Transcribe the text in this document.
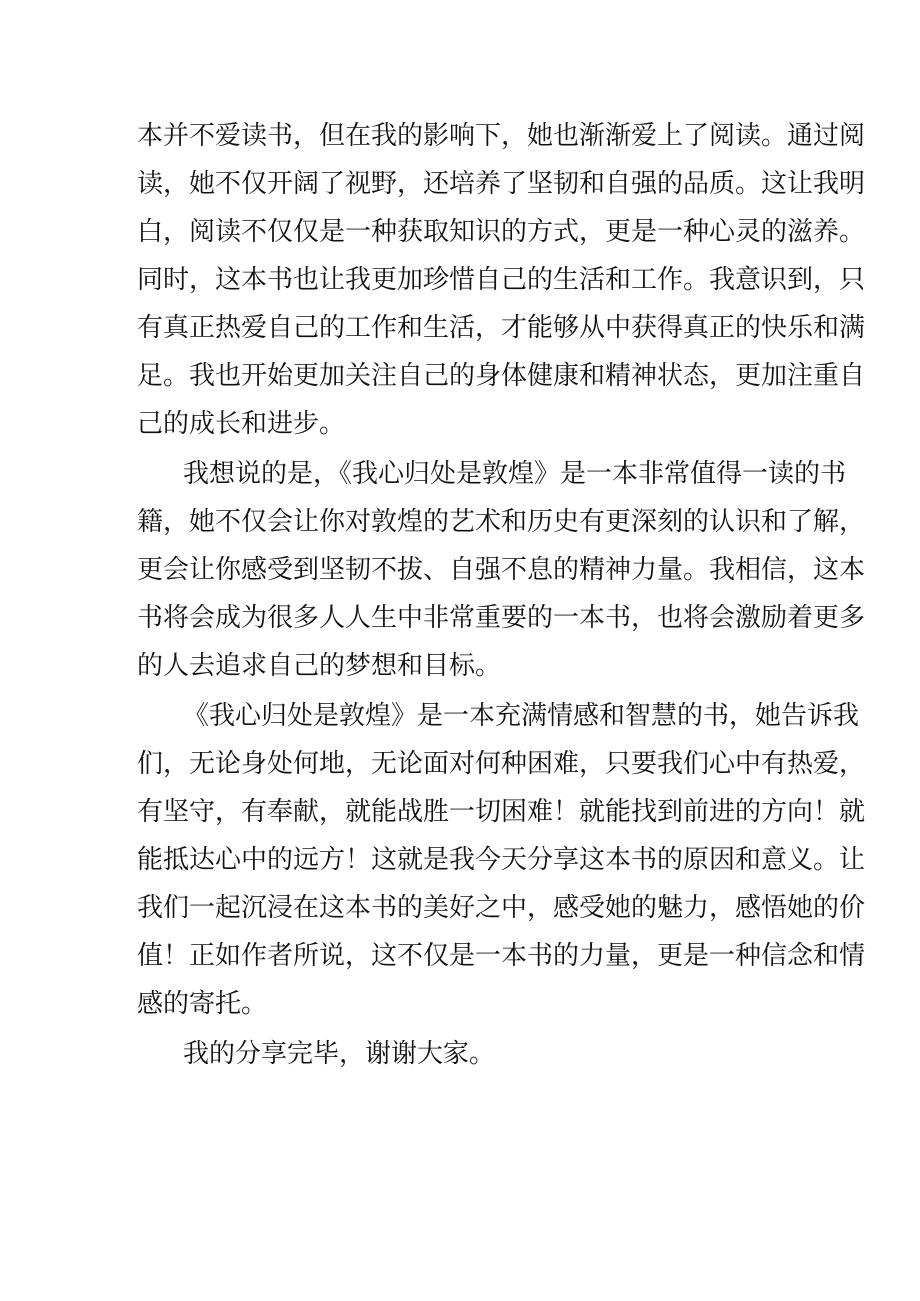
本并不爱读书，但在我的影响下，她也渐渐爱上了阅读。通过阅
读，她不仅开阔了视野，还培养了坚韧和自强的品质。这让我明
白，阅读不仅仅是一种获取知识的方式，更是一种心灵的滋养。
同时，这本书也让我更加珍惜自己的生活和工作。我意识到，只
有真正热爱自己的工作和生活，才能够从中获得真正的快乐和满
足。我也开始更加关注自己的身体健康和精神状态，更加注重自
己的成长和进步。
我想说的是，《我心归处是敦煌》是一本非常值得一读的书
籍，她不仅会让你对敦煌的艺术和历史有更深刻的认识和了解，
更会让你感受到坚韧不拔、自强不息的精神力量。我相信，这本
书将会成为很多人人生中非常重要的一本书，也将会激励着更多
的人去追求自己的梦想和目标。
《我心归处是敦煌》是一本充满情感和智慧的书，她告诉我
们，无论身处何地，无论面对何种困难，只要我们心中有热爱，
有坚守，有奉献，就能战胜一切困难！就能找到前进的方向！就
能抵达心中的远方！这就是我今天分享这本书的原因和意义。让
我们一起沉浸在这本书的美好之中，感受她的魅力，感悟她的价
值！正如作者所说，这不仅是一本书的力量，更是一种信念和情
感的寄托。
我的分享完毕，谢谢大家。
